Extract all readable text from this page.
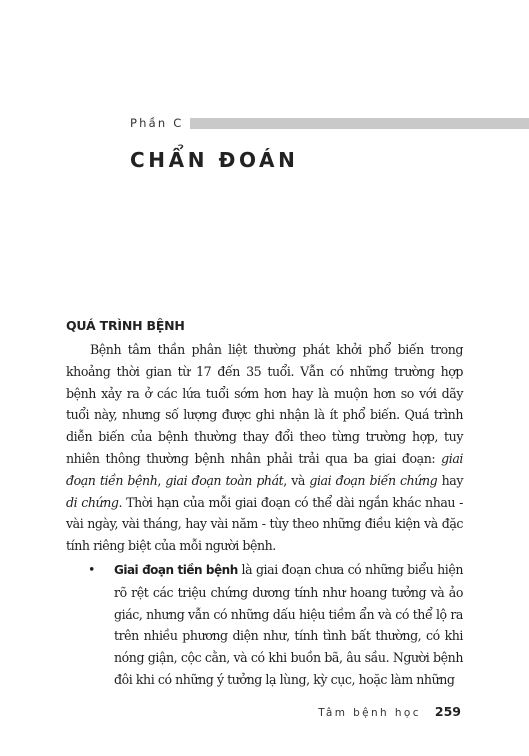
Phần C
CHẨN ĐOÁN
QUÁ TRÌNH BỆNH

Bệnh tâm thần phân liệt thường phát khởi phổ biến trong khoảng thời gian từ 17 đến 35 tuổi. Vẫn có những trường hợp bệnh xảy ra ở các lứa tuổi sớm hơn hay là muộn hơn so với dãy tuổi này, nhưng số lượng được ghi nhận là ít phổ biến. Quá trình diễn biến của bệnh thường thay đổi theo từng trường hợp, tuy nhiên thông thường bệnh nhân phải trải qua ba giai đoạn: giai đoạn tiền bệnh, giai đoạn toàn phát, và giai đoạn biến chứng hay di chứng. Thời hạn của mỗi giai đoạn có thể dài ngắn khác nhau - vài ngày, vài tháng, hay vài năm - tùy theo những điều kiện và đặc tính riêng biệt của mỗi người bệnh.

• Giai đoạn tiền bệnh là giai đoạn chưa có những biểu hiện rõ rệt các triệu chứng dương tính như hoang tưởng và ảo giác, nhưng vẫn có những dấu hiệu tiềm ẩn và có thể lộ ra trên nhiều phương diện như, tính tình bất thường, có khi nóng giận, cộc cằn, và có khi buồn bã, âu sầu. Người bệnh đôi khi có những ý tưởng lạ lùng, kỳ cục, hoặc làm những

Tâm bệnh học 259
